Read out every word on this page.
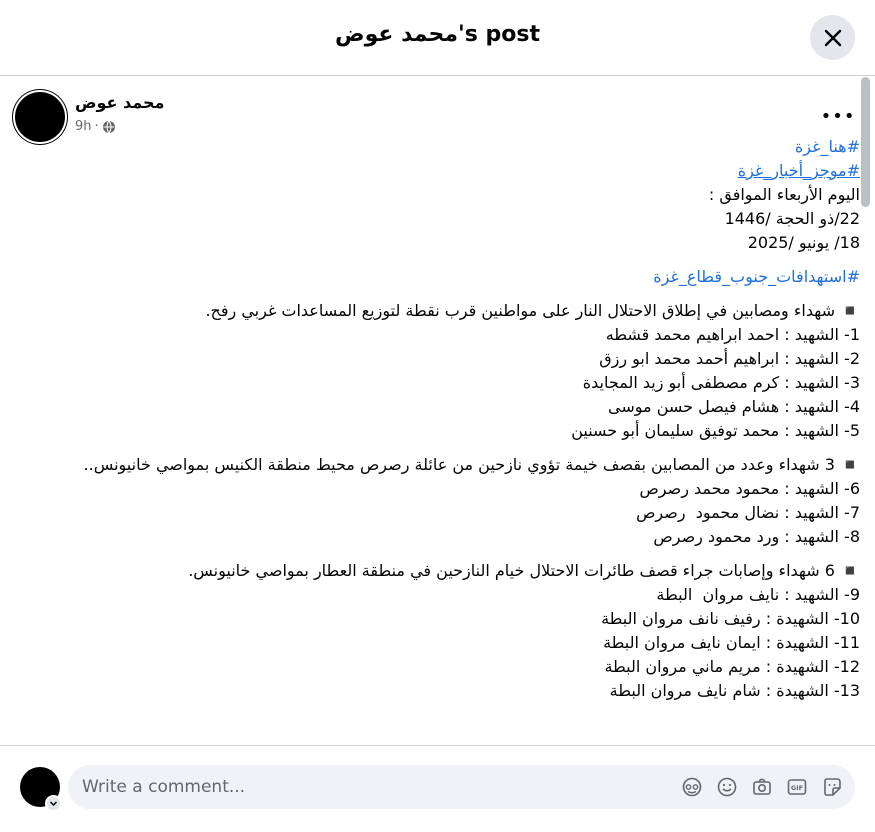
محمد عوض's post
محمد عوض
9h ·	•••
#هنا_غزة
#موجز_أخبار_غزة
اليوم الأربعاء الموافق :
22/ذو الحجة /1446
18/ يونيو /2025
#استهدافات_جنوب_قطاع_غزة
◾️ شهداء ومصابين في إطلاق الاحتلال النار على مواطنين قرب نقطة لتوزيع المساعدات غربي رفح.
1- الشهيد : احمد ابراهيم محمد قشطه
2- الشهيد : ابراهيم أحمد محمد ابو رزق
3- الشهيد : كرم مصطفى أبو زيد المجايدة
4- الشهيد : هشام فيصل حسن موسى
5- الشهيد : محمد توفيق سليمان أبو حسنين
◾️ 3 شهداء وعدد من المصابين بقصف خيمة تؤوي نازحين من عائلة رصرص محيط منطقة الكنيس بمواصي خانيونس..
6- الشهيد : محمود محمد رصرص
7- الشهيد : نضال محمود  رصرص
8- الشهيد : ورد محمود رصرص
◾️ 6 شهداء وإصابات جراء قصف طائرات الاحتلال خيام النازحين في منطقة العطار بمواصي خانيونس.
9- الشهيد : نايف مروان  البطة
10- الشهيدة : رفيف نانف مروان البطة
11- الشهيدة : ايمان نايف مروان البطة
12- الشهيدة : مريم ماني مروان البطة
13- الشهيدة : شام نايف مروان البطة
Write a comment...
GIF
